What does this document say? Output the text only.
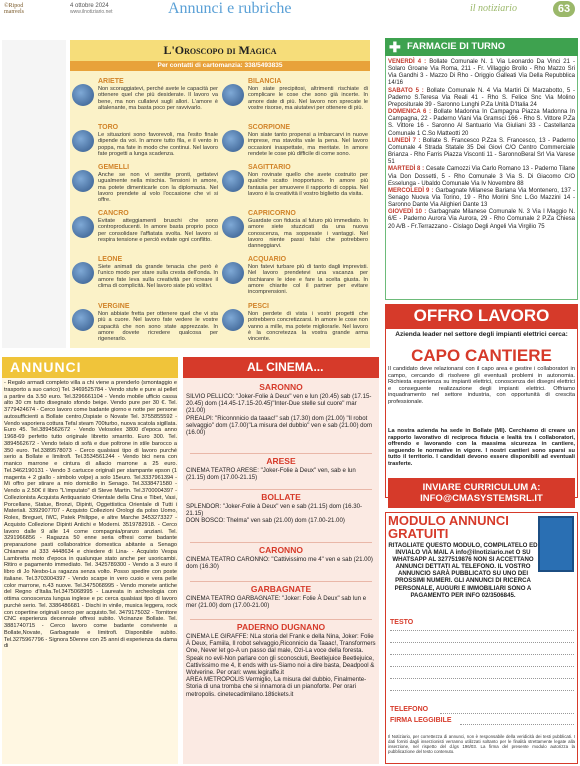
©Ripod
manvels
4 ottobre 2024
www.ilnotiziario.net	Annunci e rubriche	il notiziario	63
L'Oroscopo di Magica
Per contatti di cartomanzia: 338/5493835
ARIETE
Non scoraggiatevi, perché avete le capacità per ottenere quel che più desiderate. Il lavoro va bene, ma non cullatevi sugli allori. L'amore è altalenante, ma basta poco per ravvivarlo.
TORO
Le situazioni sono favorevoli, ma l'esito finale dipende da voi. In amore tutto fila, e il vento in poppa, ma fate in modo che continui. Nel lavoro fate progetti a lunga scadenza.
GEMELLI
Anche se non vi sentite pronti, gettatevi ugualmente nella mischia. Tensioni in amore, ma potete dimenticarle con la diplomazia. Nel lavoro prendete al volo l'occasione che vi si offre.
CANCRO
Evitate atteggiamenti bruschi che sono controproducenti. In amore basta proprio poco per consolidare l'affiatata svolta. Nel lavoro si respira tensione e perciò evitate ogni conflitto.
LEONE
Siete animati da grande tenacia che però è l'unico modo per stare sulla cresta dell'onda. In amore fate leva sulla creatività per ricreare il clima di complicità. Nel lavoro siate più volitivi.
VERGINE
Non abbiate fretta per ottenere quel che vi sta più a cuore. Nel lavoro fate vedere le vostre capacità che non sono state apprezzate. In amore dovete ricredere qualcosa per rigenerarlo.
BILANCIA
Non siate precipitosi, altrimenti rischiate di complicare le cose che sono già incerte. In amore date di più. Nel lavoro non sprecate le vostre risorse, ma aiutatevi per ottenere di più.
SCORPIONE
Non siate tanto propensi a imbarcarvi in nuove imprese, ma stavolta vale la pena. Nel lavoro occasioni inaspettate, ma meritate. In amore rendete le cose più difficile di come sono.
SAGITTARIO
Non rovinate quello che avete costruito per qualche scatto inopportuno. In amore più fantasia per smuovere il rapporto di coppia. Nel lavoro è la creatività il vostro biglietto da visita.
CAPRICORNO
Guardate con fiducia al futuro più immediato. In amore siete stuzzicati da una nuova conoscenza, ma soppesate i vantaggi. Nel lavoro niente passi falsi che potrebbero danneggiarvi.
ACQUARIO
Non fatevi turbare più di tanto dagli imprevisti. Nel lavoro prendetevi una vacanza per rischiarare le idee e fare la scelta giusta. In amore chiarite col il partner per evitare incomprensioni.
PESCI
Non perdete di vista i vostri progetti che potrebbero concretizzarsi. In amore le cose non vanno a mille, ma potete migliorarle. Nel lavoro è la concretezza la vostra grande arma vincente.
FARMACIE DI TURNO
✚
VENERDÌ 4 : Bollate Comunale N. 1 Via Leonardo Da Vinci 21 - Solaro Groane Via Roma, 211 - Fr. Villaggio Brollo - Rho Mazzo Sri Via Gandhi 3 - Mazzo Di Rho - Origgio Galleati Via Della Repubblica 14/16
SABATO 5 : Bollate Comunale N. 4 Via Martiri Di Marzabotto, 5 - Paderno S.Teresa Via Reali 41 - Rho S. Felice Snc Via Molino Prepositurale 39 - Saronno Lunghi P.Za Unità D'Italia 24
DOMENICA 6 : Bollate Madonna In Campagna Piazza Madonna In Campagna, 22 - Paderno Viani Via Gramsci 166 - Rho S. Vittore P.Za S. Vittore 16 - Saronno Al Santuario Via Giuliani 33 - Castellanza Comunale 1 C.So Matteotti 20
LUNEDÌ 7 : Bollate S. Francesco P.Zza S. Francesco, 13 - Paderno Comunale 4 Strada Statale 35 Dei Giovi C/O Centro Commerciale Brianza - Rho Farris Piazza Visconti 11 - SaronnoBeral Srl Via Varese 51
MARTEDÌ 8 : Cesate Camozzi Via Carlo Romano 13 - Paderno Tilane Via Don Dossetti, 5 - Rho Comunale 3 Via S. Di Giacomo C/O Esselunga - Ubaldo Comunale Via Iv Novembre 88
MERCOLEDÌ 9 : Garbagnate Milanese Bariana Via Montenero, 137 - Senago Nuova Via Torino, 19 - Rho Morini Snc L.Go Mazzini 14 - Saronno Dante Via Alighieri Dante 13
GIOVEDÌ 10 : Garbagnate Milanese Comunale N. 3 Via I Maggio N. 6/E - Paderno Aurora Via Aurora, 29 - Rho Comunale 2 P.Za Chiesa 20 A/B - Fr.Terrazzano - Cislago Degli Angeli Via Virgilio 75
OFFRO LAVORO
Azienda leader nel settore degli impianti elettrici cerca:
CAPO CANTIERE
Il candidato deve relazionarsi con il capo area e gestire i collaboratori in campo, cercando di risolvere gli eventuali problemi in autonomia. Richiesta esperienza su impianti elettrici, conoscenza dei disegni elettrici e conseguente realizzazione degli impianti elettrici. Offriamo inquadramento nel settore industria, con opportunità di crescita professionale.
La nostra azienda ha sede in Bollate (MI). Cerchiamo di creare un rapporto lavorativo di reciproca fiducia e lealtà tra i collaboratori, offrendo e lavorando con la massima sicurezza in cantiere, seguendo le normative in vigore. I nostri cantieri sono sparsi su tutto il territorio. I candidati devono essere disponibili ad eventuali trasferte.
INVIARE CURRICULUM A:
INFO@CMASYSTEMSRL.IT
MODULO ANNUNCI
GRATUITI
RITAGLIATE QUESTO MODULO, COMPILATELO ED INVIALO VIA MAIL A info@ilnotiziario.net O SU WHATSAPP AL 3277519876 NON SI ACCETTANO ANNUNCI DETTATI AL TELEFONO. IL VOSTRO ANNUNCIO SARÀ PUBBLICATO SU UNO DEI PROSSIMI NUMERI. GLI ANNUNCI DI RICERCA PERSONALE, AUGURI E IMMOBILIARI SONO A PAGAMENTO PER INFO 02/3506845.
TESTO
TELEFONO
FIRMA LEGGIBILE
Il Notiziario, per correttezza di annunci, non è responsabile della veridicità dei testi pubblicati. I dati forniti dagli inserzionisti verranno utilizzati soltanto per le finalità strettamente legate alla inserzione, nel rispetto del d.lgs 196/03. La firma del presente modulo autorizza la pubblicazione del testo contenuto.
ANNUNCI
- Regalo armadi completo villa a chi viene a prenderlo (smontaggio e trasporto a suo carico) Tel. 3469525784 - Vendo stufe e pure ai pellet a partire da 3.50 euro. Tel.3296661104 - Vendo mobile ufficio cassa alto 30 cm tutto disegnato sfondo beige. Vendo pure per 30 €. Tel. 3779424674 - Cerco lavoro come badante giorno e notte per persone autosufficienti a Bollate centro,Ospiate o Novate Tel. 3755855592 - Vendo vaporiera cottura Tefal steam 700turbo, nuova scatola sigillata. Euro 45. Tel.3894562672 - Vendo Velosolex 3800 d'epoca anno 1968-69 perfetto tutto originale libretto smarrito. Euro 300. Tel. 3894562672 - Vendo telaio di sofà e due poltrone in stile barocco a 350 euro. Tel.3389578073 - Cerco qualsiasi tipo di lavoro purché serio a Bollate e limitrofi. Tel.3534561244 - Vendo bici nera con manico marrone e cintura di allacio marrone a 25 euro. Tel.3462190131 - Vendo 3 cartucce originali per stampante epson (1 magenta + 2 giallo - simbolo volpe) a solo 15euro. Tel.3337961394 - Mi offro per stirare a mio domicilio in Senago. Tel.3338471580 - Vendo a 2.50€ il libro "L'imputato" di Steve Martin. Tel.3700004397 - Collezionista Acquista Antiquariato Orientale della Cina e Tibet, Vasi, Porcellane, Statue, Bronzi, Dipinti, Oggettistica Orientale di Tutti i Materiali. 3392907707 - Acquisto Collezioni Orologi da polso Uomo, Rolex, Breguet, IWC, Patek Philippe, e altre Marche 3453273327 - Acquisto Collezione Dipinti Antichi e Moderni. 3519782918. - Cerco lavoro dalle 9 alle 14 come compagnia/pranzo anziani. Tel. 3291966856 - Ragazza 50 enne seria offresi come badante preparazione pasti collaboratrice domestica abitante a Senago Chiamare al 333 4448634 e chiedere di Lina- - Acquisto Vespa Lambretta moto d'epoca in qualunque stato anche per usoricambi. Ritiro e pagamento immediato. Tel. 3425789300 - Vendo a 3 euro il libro di Jo Nesbo-La ragazza senza volto. Posso spedire con poste italiane. Tel.3703004397 - Vendo scarpe in vero cuoio e vera pelle color marrone, n.43 nuove. Tel.3475068995 - Vendo monete antiche del Regno d'Italia.Tel.3475068995 - Laureata in archeologia con ottima conoscenza lungua inglese e pc cerca qualsiasi tipo di lavoro purchè serio. Tel. 3386486681 - Dischi in vinile, musica leggera, rock con copertine originali cerco per acquisto.Tel. 3479175032 - Tornitore CNC esperienza decennale offresi subito. Vicinanze Bollate. Tel. 3881740715 - Cerco lavoro come badante convivente a Bollate,Novate, Garbagnate e limitrofi. Disponibile subito. Tel.3275967796 - Signora 50enne con 25 anni di esperienza da dama di
AL CINEMA...
SARONNO
SILVIO PELLICO: "Joker-Folie à Deux" ven e lun (20.45) sab (17.15-20.45) dom (14.45-17.15-20.45)"Inter-Due stelle sul cuore" mar (21.00)
PREALPI: "Riconnnicio da taaac!" sab (17.30) dom (21.00) "Il robot selvaggio" dom (17.00)"La misura del dubbio" ven e sab (21.00) dom (16.00)
ARESE
CINEMA TEATRO ARESE: "Joker-Folie à Deux" ven, sab e lun (21.15) dom (17.00-21.15)
BOLLATE
SPLENDOR: "Joker-Folie à Deux" ven e sab (21.15) dom (16.30-21.15)
DON BOSCO: Thelma" ven sab (21.00) dom (17.00-21.00)
CARONNO
CINEMA TEATRO CARONNO: "Cattivissimo me 4" ven e sab (21.00) dom (16.30)
GARBAGNATE
CINEMA TEATRO GARBAGNATE: "Joker: Folie À Deux" sab lun e mer (21.00) dom (17.00-21.00)
PADERNO DUGNANO
CINEMA LE GIRAFFE: NLa storia del Frank e della Nina, Joker: Folie À Deux, Famiila, Il robot selvaggio,Riconnicio da Taaac!, Transformers One, Never let go-A un passo dal male, Ozi-La voce della foresta. Speak no evil-Non parlare con gli sconosciuti, Beetlejuice Beetlejuice, Cattivissimo me 4, It ends with us-Siamo noi a dire basta, Deadpool & Wolverine. Per orari: www.legiraffe.it
AREA METROPOLIS Vermiglio, La misura del dubbio, Finalmente-Storia di una tromba che si innamora di un pianoforte. Per orari metropolis. cinetecadimilano.18tickets.it
